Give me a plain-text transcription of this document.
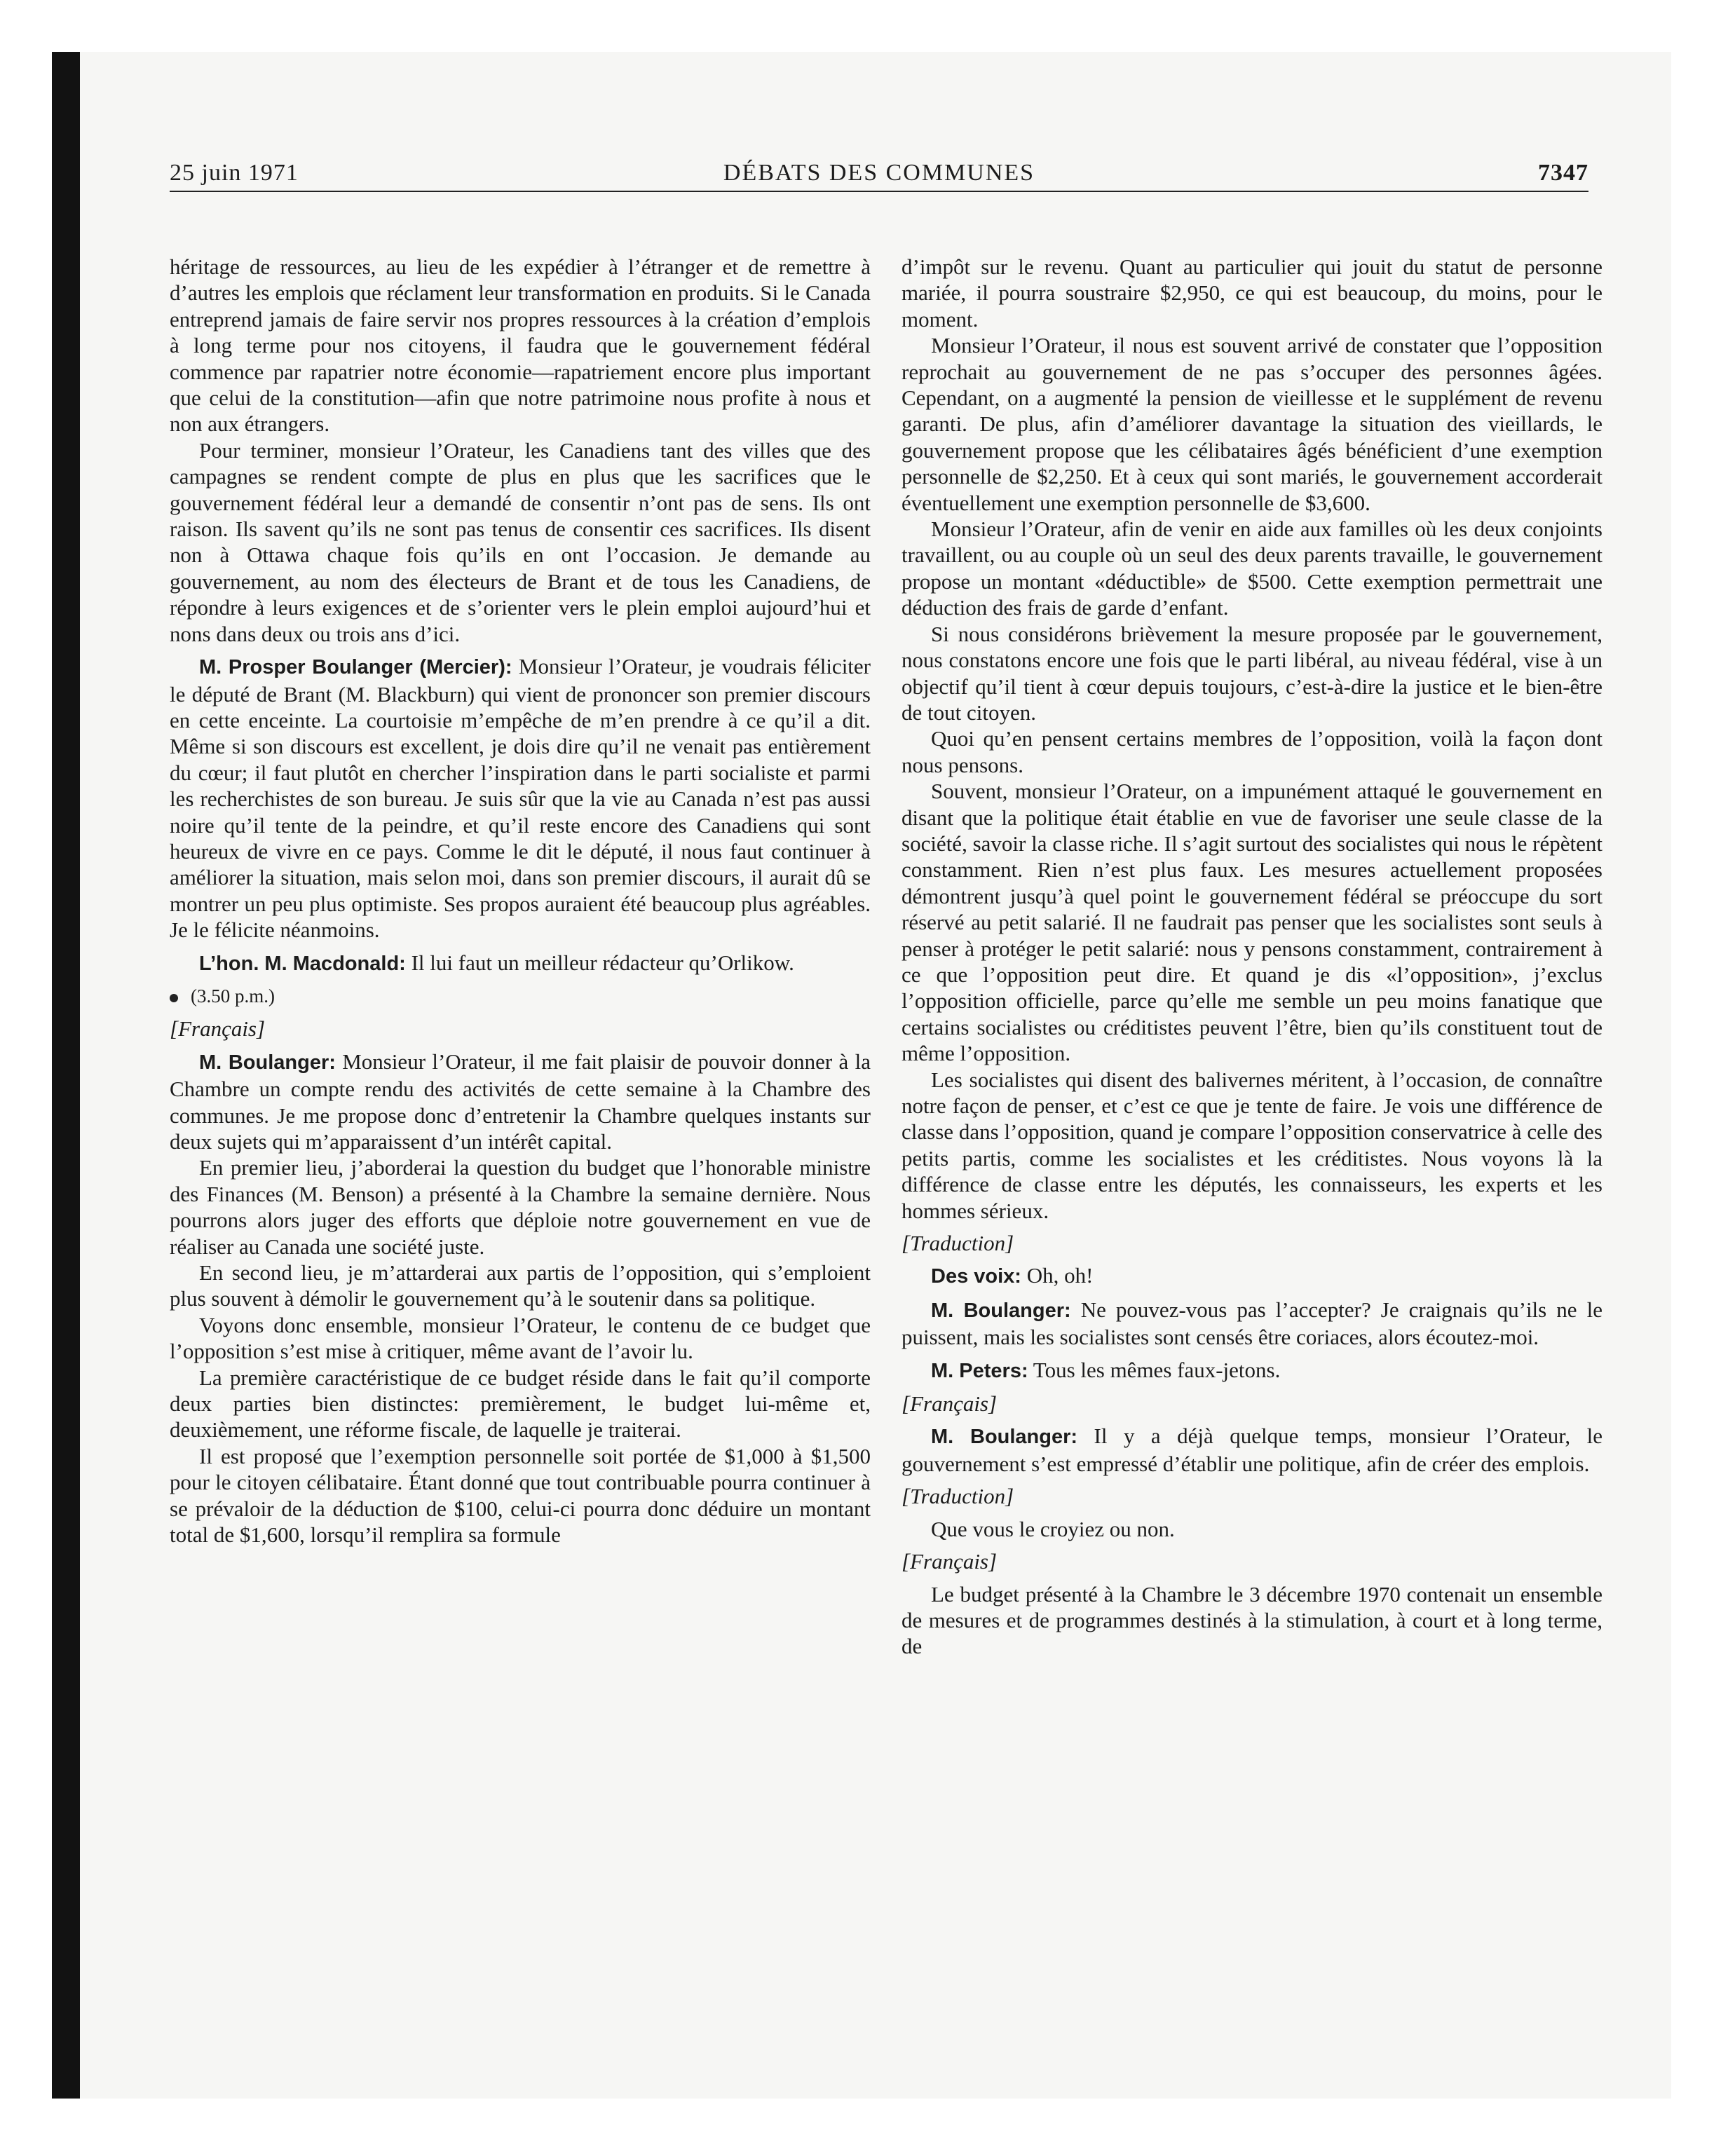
25 juin 1971	DÉBATS DES COMMUNES	7347

héritage de ressources, au lieu de les expédier à l’étranger et de remettre à d’autres les emplois que réclament leur transformation en produits. Si le Canada entreprend jamais de faire servir nos propres ressources à la création d’emplois à long terme pour nos citoyens, il faudra que le gouvernement fédéral commence par rapatrier notre économie—rapatriement encore plus important que celui de la constitution—afin que notre patrimoine nous profite à nous et non aux étrangers.

Pour terminer, monsieur l’Orateur, les Canadiens tant des villes que des campagnes se rendent compte de plus en plus que les sacrifices que le gouvernement fédéral leur a demandé de consentir n’ont pas de sens. Ils ont raison. Ils savent qu’ils ne sont pas tenus de consentir ces sacrifices. Ils disent non à Ottawa chaque fois qu’ils en ont l’occasion. Je demande au gouvernement, au nom des électeurs de Brant et de tous les Canadiens, de répondre à leurs exigences et de s’orienter vers le plein emploi aujourd’hui et nons dans deux ou trois ans d’ici.

M. Prosper Boulanger (Mercier): Monsieur l’Orateur, je voudrais féliciter le député de Brant (M. Blackburn) qui vient de prononcer son premier discours en cette enceinte. La courtoisie m’empêche de m’en prendre à ce qu’il a dit. Même si son discours est excellent, je dois dire qu’il ne venait pas entièrement du cœur; il faut plutôt en chercher l’inspiration dans le parti socialiste et parmi les recherchistes de son bureau. Je suis sûr que la vie au Canada n’est pas aussi noire qu’il tente de la peindre, et qu’il reste encore des Canadiens qui sont heureux de vivre en ce pays. Comme le dit le député, il nous faut continuer à améliorer la situation, mais selon moi, dans son premier discours, il aurait dû se montrer un peu plus optimiste. Ses propos auraient été beaucoup plus agréables. Je le félicite néanmoins.

L’hon. M. Macdonald: Il lui faut un meilleur rédacteur qu’Orlikow.

(3.50 p.m.)

[Français]

M. Boulanger: Monsieur l’Orateur, il me fait plaisir de pouvoir donner à la Chambre un compte rendu des activités de cette semaine à la Chambre des communes. Je me propose donc d’entretenir la Chambre quelques instants sur deux sujets qui m’apparaissent d’un intérêt capital.

En premier lieu, j’aborderai la question du budget que l’honorable ministre des Finances (M. Benson) a présenté à la Chambre la semaine dernière. Nous pourrons alors juger des efforts que déploie notre gouvernement en vue de réaliser au Canada une société juste.

En second lieu, je m’attarderai aux partis de l’opposition, qui s’emploient plus souvent à démolir le gouvernement qu’à le soutenir dans sa politique.

Voyons donc ensemble, monsieur l’Orateur, le contenu de ce budget que l’opposition s’est mise à critiquer, même avant de l’avoir lu.

La première caractéristique de ce budget réside dans le fait qu’il comporte deux parties bien distinctes: premièrement, le budget lui-même et, deuxièmement, une réforme fiscale, de laquelle je traiterai.

Il est proposé que l’exemption personnelle soit portée de $1,000 à $1,500 pour le citoyen célibataire. Étant donné que tout contribuable pourra continuer à se prévaloir de la déduction de $100, celui-ci pourra donc déduire un montant total de $1,600, lorsqu’il remplira sa formule

d’impôt sur le revenu. Quant au particulier qui jouit du statut de personne mariée, il pourra soustraire $2,950, ce qui est beaucoup, du moins, pour le moment.

Monsieur l’Orateur, il nous est souvent arrivé de constater que l’opposition reprochait au gouvernement de ne pas s’occuper des personnes âgées. Cependant, on a augmenté la pension de vieillesse et le supplément de revenu garanti. De plus, afin d’améliorer davantage la situation des vieillards, le gouvernement propose que les célibataires âgés bénéficient d’une exemption personnelle de $2,250. Et à ceux qui sont mariés, le gouvernement accorderait éventuellement une exemption personnelle de $3,600.

Monsieur l’Orateur, afin de venir en aide aux familles où les deux conjoints travaillent, ou au couple où un seul des deux parents travaille, le gouvernement propose un montant «déductible» de $500. Cette exemption permettrait une déduction des frais de garde d’enfant.

Si nous considérons brièvement la mesure proposée par le gouvernement, nous constatons encore une fois que le parti libéral, au niveau fédéral, vise à un objectif qu’il tient à cœur depuis toujours, c’est-à-dire la justice et le bien-être de tout citoyen.

Quoi qu’en pensent certains membres de l’opposition, voilà la façon dont nous pensons.

Souvent, monsieur l’Orateur, on a impunément attaqué le gouvernement en disant que la politique était établie en vue de favoriser une seule classe de la société, savoir la classe riche. Il s’agit surtout des socialistes qui nous le répètent constamment. Rien n’est plus faux. Les mesures actuellement proposées démontrent jusqu’à quel point le gouvernement fédéral se préoccupe du sort réservé au petit salarié. Il ne faudrait pas penser que les socialistes sont seuls à penser à protéger le petit salarié: nous y pensons constamment, contrairement à ce que l’opposition peut dire. Et quand je dis «l’opposition», j’exclus l’opposition officielle, parce qu’elle me semble un peu moins fanatique que certains socialistes ou créditistes peuvent l’être, bien qu’ils constituent tout de même l’opposition.

Les socialistes qui disent des balivernes méritent, à l’occasion, de connaître notre façon de penser, et c’est ce que je tente de faire. Je vois une différence de classe dans l’opposition, quand je compare l’opposition conservatrice à celle des petits partis, comme les socialistes et les créditistes. Nous voyons là la différence de classe entre les députés, les connaisseurs, les experts et les hommes sérieux.

[Traduction]

Des voix: Oh, oh!

M. Boulanger: Ne pouvez-vous pas l’accepter? Je craignais qu’ils ne le puissent, mais les socialistes sont censés être coriaces, alors écoutez-moi.

M. Peters: Tous les mêmes faux-jetons.

[Français]

M. Boulanger: Il y a déjà quelque temps, monsieur l’Orateur, le gouvernement s’est empressé d’établir une politique, afin de créer des emplois.

[Traduction]

Que vous le croyiez ou non.

[Français]

Le budget présenté à la Chambre le 3 décembre 1970 contenait un ensemble de mesures et de programmes destinés à la stimulation, à court et à long terme, de
